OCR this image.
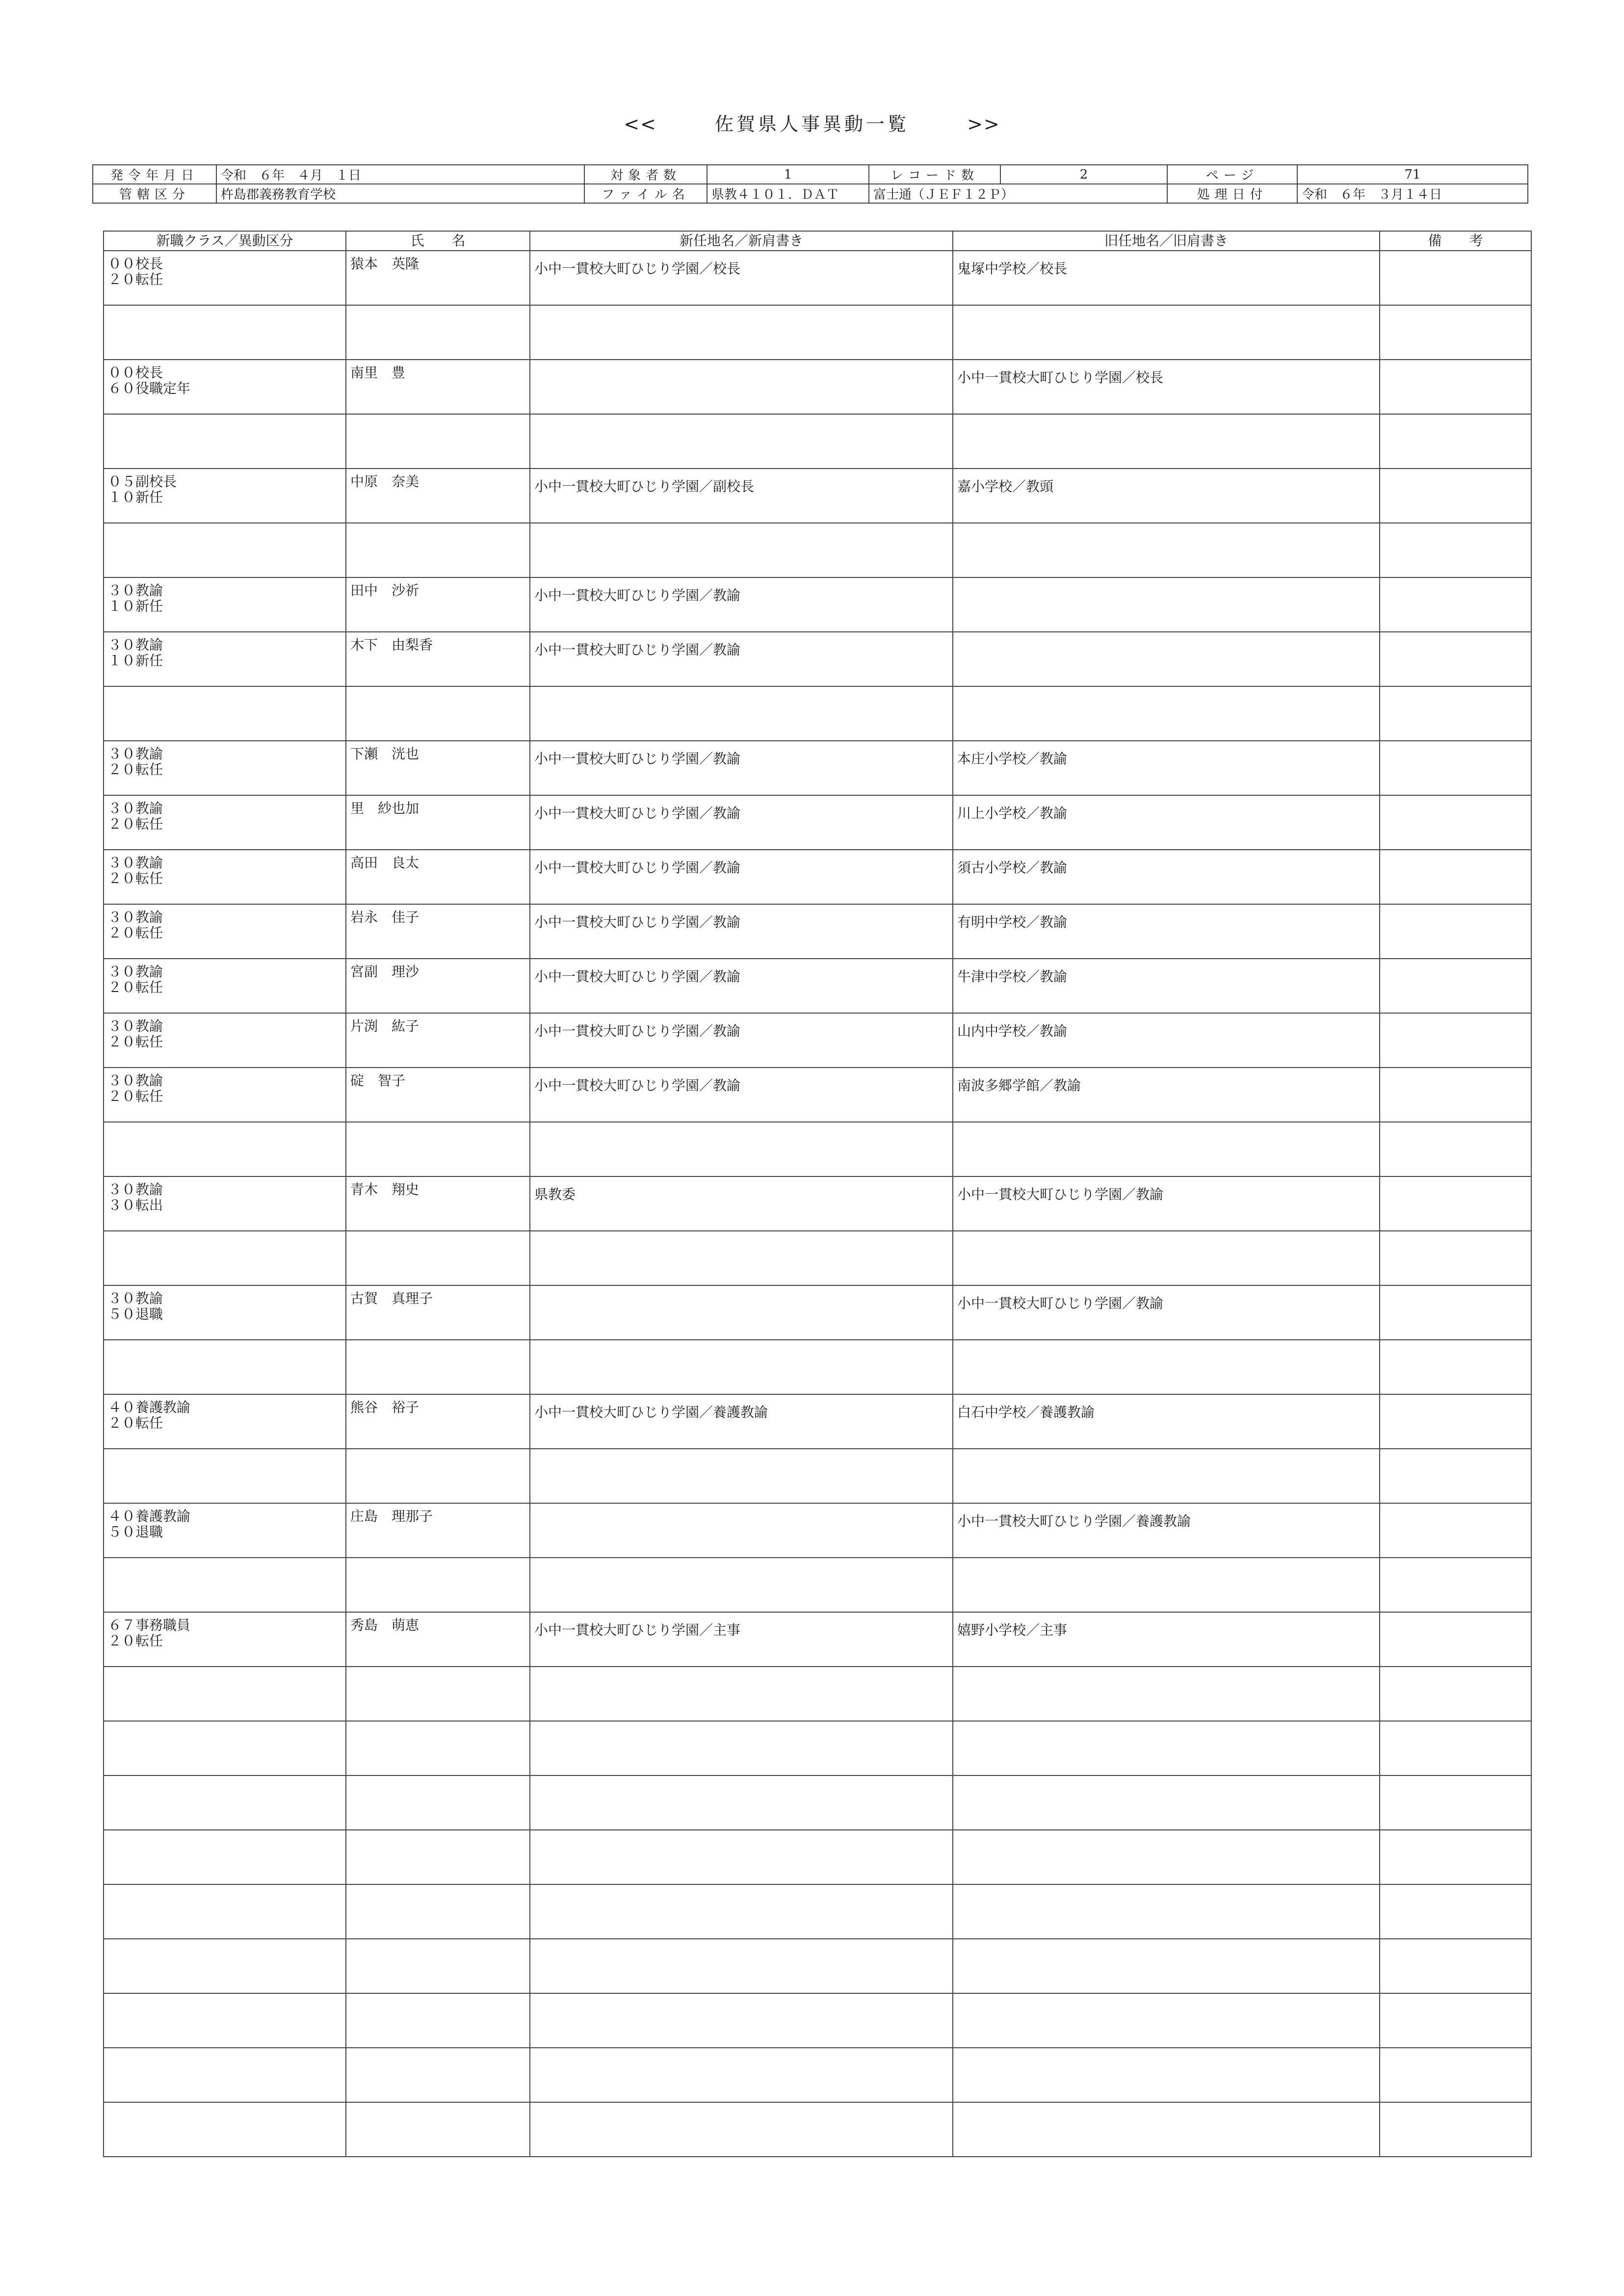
<<	佐賀県人事異動一覧	>>
発令年月日	令和　６年　４月　１日	対象者数	1	レコード数	2	ページ	71
管轄区分	杵島郡義務教育学校	ファイル名	県教４１０１．ＤＡＴ	富士通（ＪＥＦ１２Ｐ）		処理日付	令和　６年　３月１４日
新職クラス／異動区分	氏　　名	新任地名／新肩書き	旧任地名／旧肩書き	備　　考
００校長
２０転任	猿本　英隆	小中一貫校大町ひじり学園／校長	鬼塚中学校／校長	

００校長
６０役職定年	南里　豊		小中一貫校大町ひじり学園／校長	

０５副校長
１０新任	中原　奈美	小中一貫校大町ひじり学園／副校長	嘉小学校／教頭	

３０教諭
１０新任	田中　沙祈	小中一貫校大町ひじり学園／教諭		
３０教諭
１０新任	木下　由梨香	小中一貫校大町ひじり学園／教諭		

３０教諭
２０転任	下瀬　洸也	小中一貫校大町ひじり学園／教諭	本庄小学校／教諭	
３０教諭
２０転任	里　紗也加	小中一貫校大町ひじり学園／教諭	川上小学校／教諭	
３０教諭
２０転任	高田　良太	小中一貫校大町ひじり学園／教諭	須古小学校／教諭	
３０教諭
２０転任	岩永　佳子	小中一貫校大町ひじり学園／教諭	有明中学校／教諭	
３０教諭
２０転任	宮副　理沙	小中一貫校大町ひじり学園／教諭	牛津中学校／教諭	
３０教諭
２０転任	片渕　紘子	小中一貫校大町ひじり学園／教諭	山内中学校／教諭	
３０教諭
２０転任	碇　智子	小中一貫校大町ひじり学園／教諭	南波多郷学館／教諭	

３０教諭
３０転出	青木　翔史	県教委	小中一貫校大町ひじり学園／教諭	

３０教諭
５０退職	古賀　真理子		小中一貫校大町ひじり学園／教諭	

４０養護教諭
２０転任	熊谷　裕子	小中一貫校大町ひじり学園／養護教諭	白石中学校／養護教諭	

４０養護教諭
５０退職	庄島　理那子		小中一貫校大町ひじり学園／養護教諭	

６７事務職員
２０転任	秀島　萌恵	小中一貫校大町ひじり学園／主事	嬉野小学校／主事	
